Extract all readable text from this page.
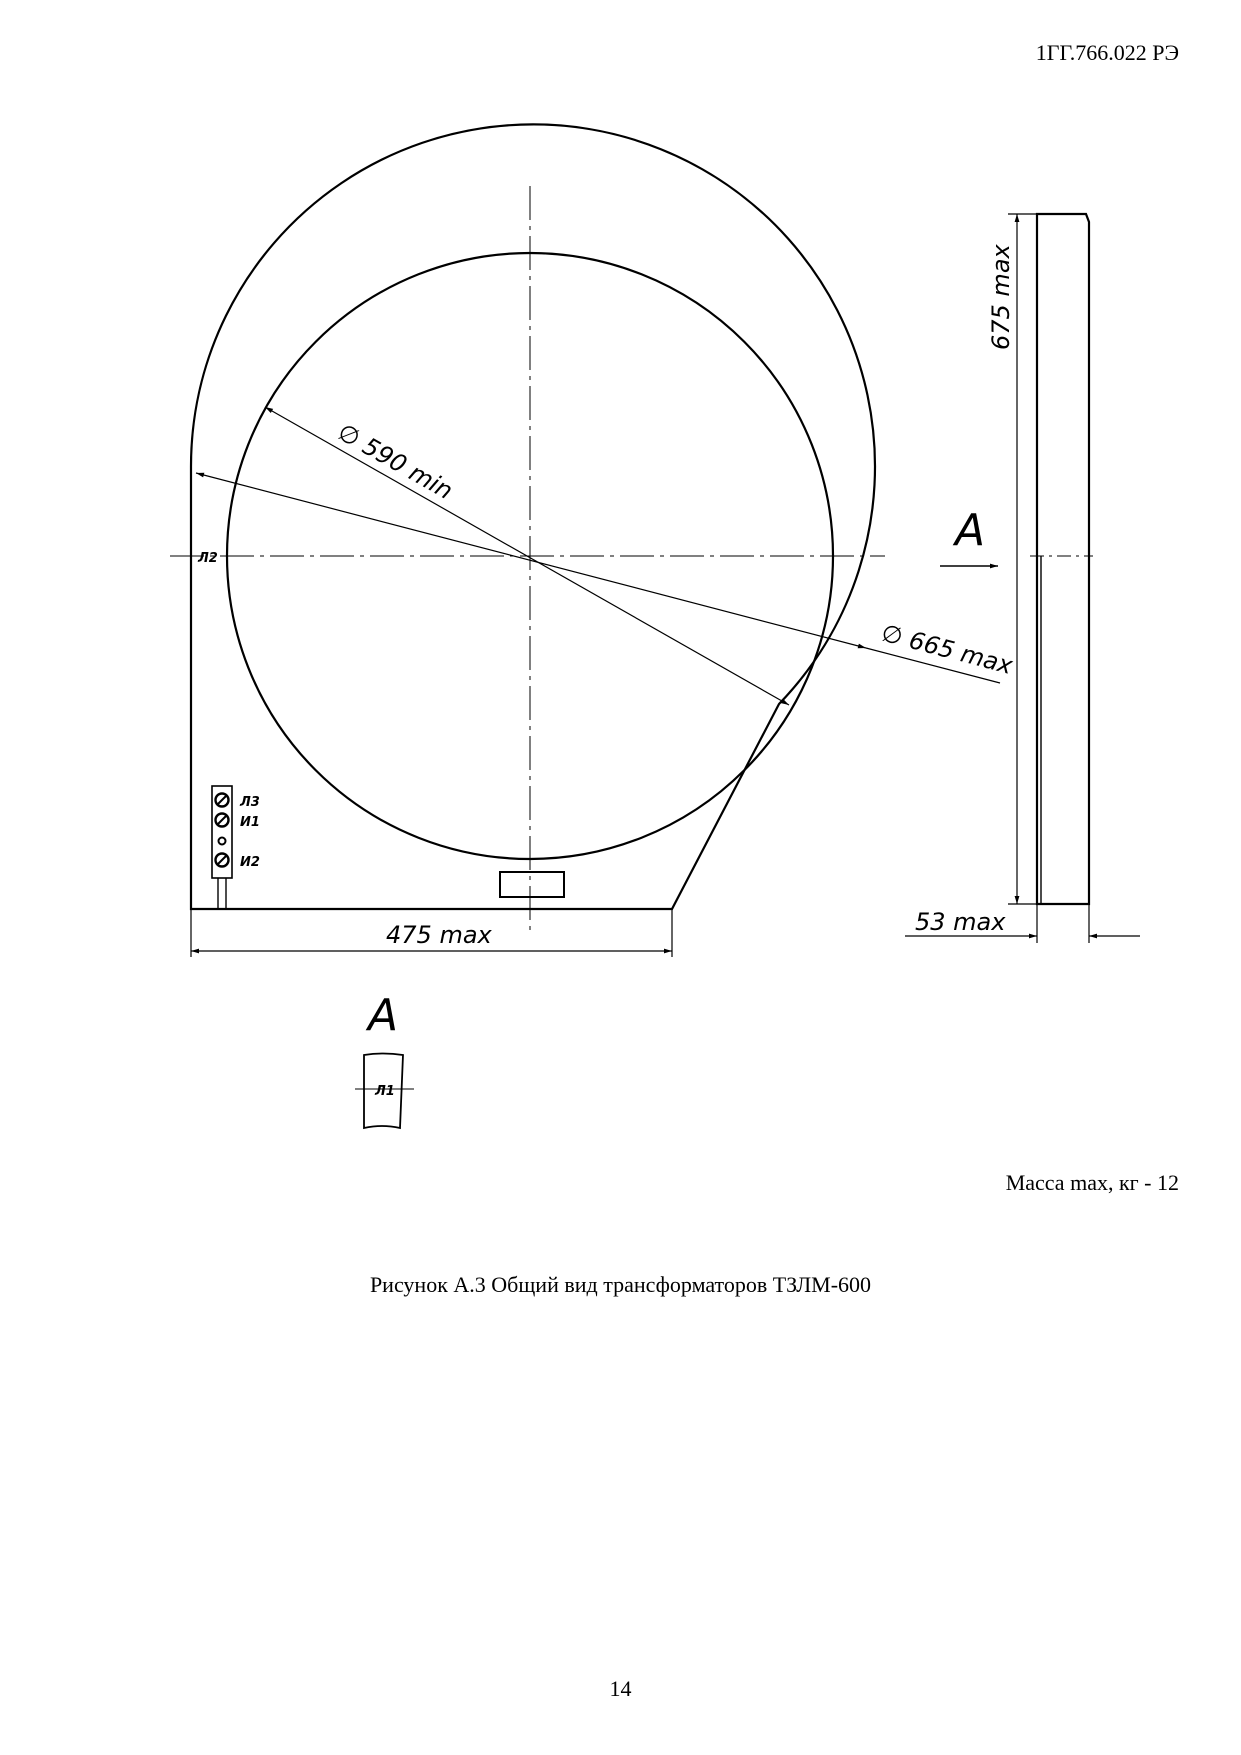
1ГГ.766.022 РЭ
∅ 590 min
∅ 665 max
475 max
Л3
И1
И2
Л2
А
675 max
53 max
А
Л1
Масса max, кг - 12
Рисунок А.3 Общий вид трансформаторов ТЗЛМ-600
14
